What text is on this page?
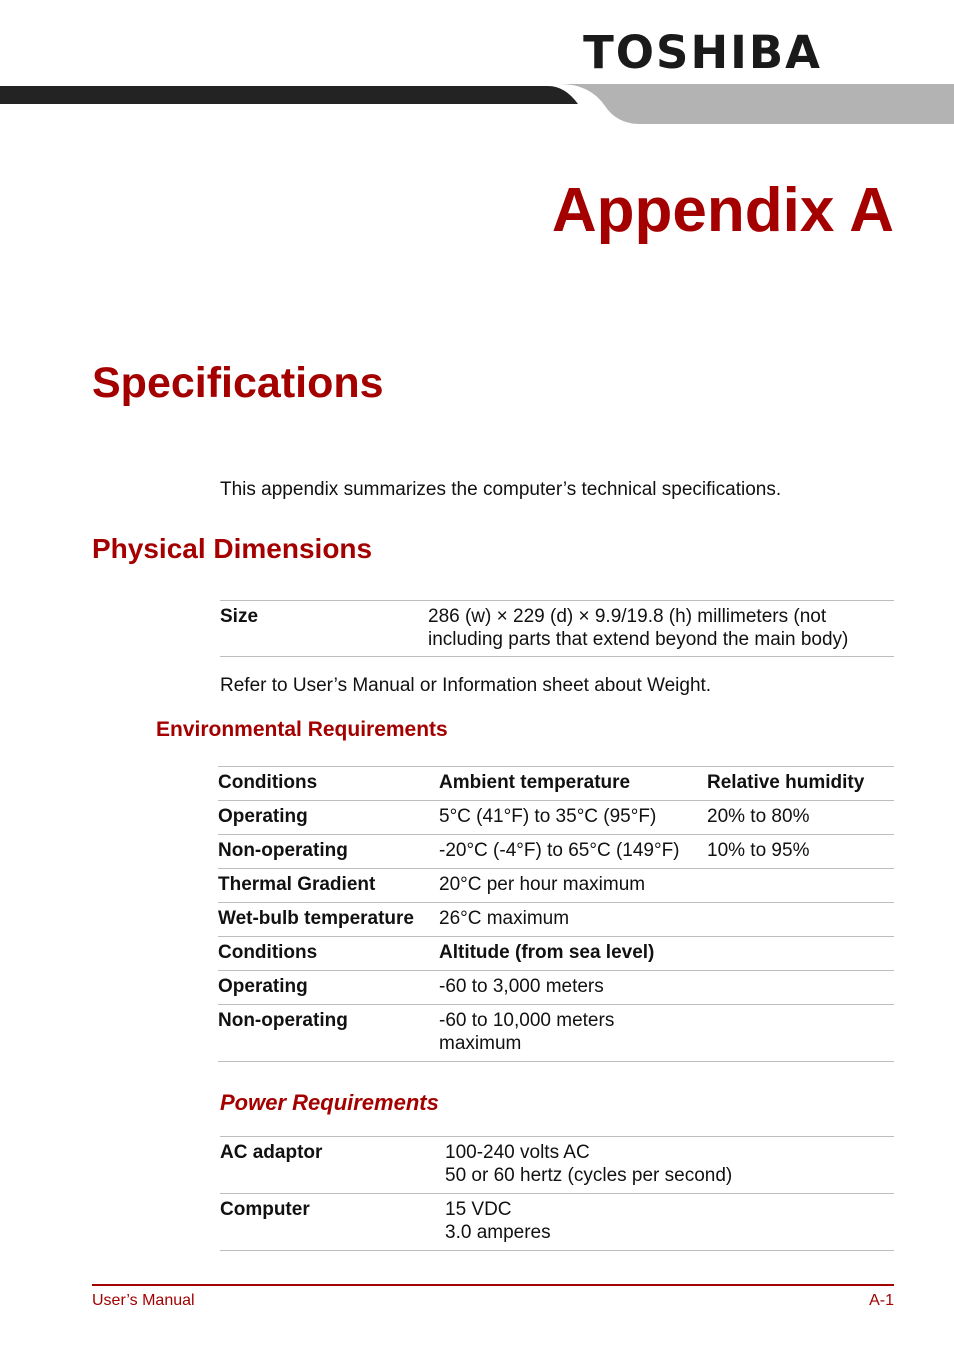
TOSHIBA
Appendix A
Specifications

This appendix summarizes the computer’s technical specifications.

Physical Dimensions
Size	286 (w) × 229 (d) × 9.9/19.8 (h) millimeters (not
including parts that extend beyond the main body)

Refer to User’s Manual or Information sheet about Weight.

Environmental Requirements
Conditions	Ambient temperature	Relative humidity
Operating	5°C (41°F) to 35°C (95°F)	20% to 80%
Non-operating	-20°C (-4°F) to 65°C (149°F)	10% to 95%
Thermal Gradient	20°C per hour maximum	
Wet-bulb temperature	26°C maximum	
Conditions	Altitude (from sea level)	
Operating	-60 to 3,000 meters	
Non-operating	-60 to 10,000 meters
maximum	
Power Requirements
AC adaptor	100-240 volts AC
50 or 60 hertz (cycles per second)

Computer	15 VDC
3.0 amperes
User’s Manual	A-1
